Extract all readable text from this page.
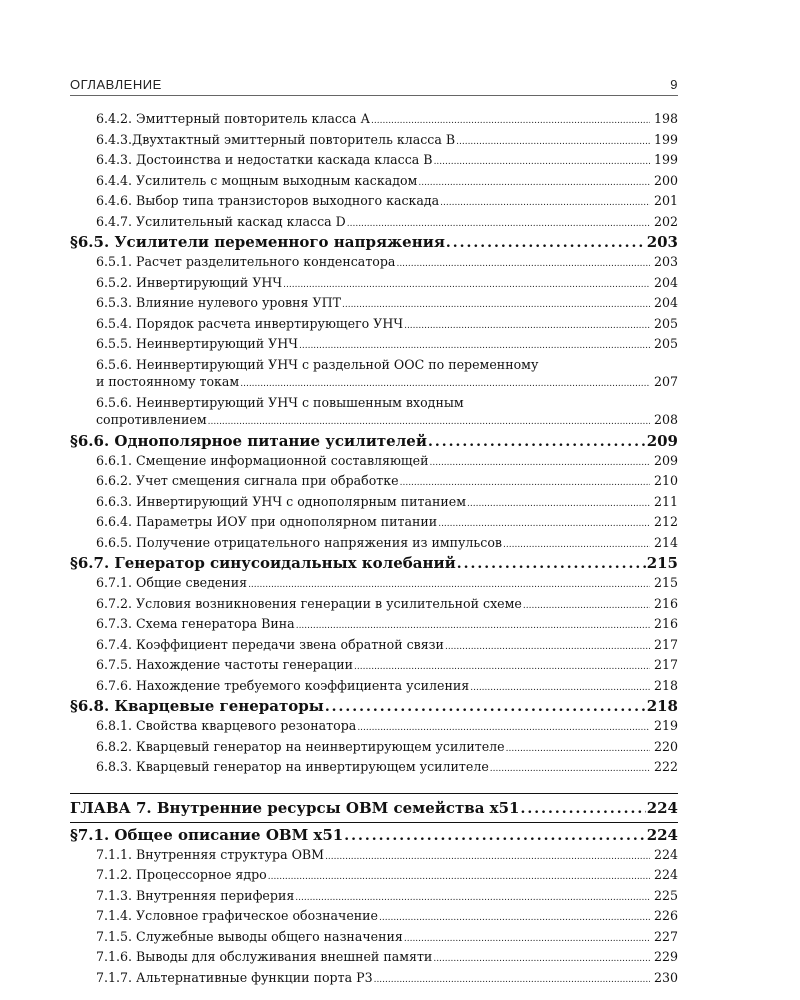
ОГЛАВЛЕНИЕ	9
6.4.2. Эмиттерный повторитель класса А .....	198
6.4.3.Двухтактный эмиттерный повторитель класса В .....	199
6.4.3. Достоинства и недостатки каскада класса В .....	199
6.4.4. Усилитель с мощным выходным каскадом .....	200
6.4.6. Выбор типа транзисторов выходного каскада .....	201
6.4.7. Усилительный каскад класса D .....	202
§6.5. Усилители переменного напряжения .....	203
6.5.1. Расчет разделительного конденсатора .....	203
6.5.2. Инвертирующий УНЧ .....	204
6.5.3. Влияние нулевого уровня УПТ .....	204
6.5.4. Порядок расчета инвертирующего УНЧ .....	205
6.5.5. Неинвертирующий УНЧ .....	205
6.5.6. Неинвертирующий УНЧ с раздельной ООС по переменному
и постоянному токам .....	207
6.5.6. Неинвертирующий УНЧ с повышенным входным
сопротивлением .....	208
§6.6. Однополярное питание усилителей .....	209
6.6.1. Смещение информационной составляющей .....	209
6.6.2. Учет смещения сигнала при обработке .....	210
6.6.3. Инвертирующий УНЧ с однополярным питанием .....	211
6.6.4. Параметры ИОУ при однополярном питании .....	212
6.6.5. Получение отрицательного напряжения из импульсов .....	214
§6.7. Генератор синусоидальных колебаний .....	215
6.7.1. Общие сведения .....	215
6.7.2. Условия возникновения генерации в усилительной схеме .....	216
6.7.3. Схема генератора Вина .....	216
6.7.4. Коэффициент передачи звена обратной связи .....	217
6.7.5. Нахождение частоты генерации .....	217
6.7.6. Нахождение требуемого коэффициента усиления .....	218
§6.8. Кварцевые генераторы .....	218
6.8.1. Свойства кварцевого резонатора .....	219
6.8.2. Кварцевый генератор на неинвертирующем усилителе .....	220
6.8.3. Кварцевый генератор на инвертирующем усилителе .....	222
ГЛАВА 7. Внутренние ресурсы ОВМ семейства х51 .....	224
§7.1. Общее описание ОВМ х51 .....	224
7.1.1. Внутренняя структура ОВМ .....	224
7.1.2. Процессорное ядро .....	224
7.1.3. Внутренняя периферия .....	225
7.1.4. Условное графическое обозначение .....	226
7.1.5. Служебные выводы общего назначения .....	227
7.1.6. Выводы для обслуживания внешней памяти .....	229
7.1.7. Альтернативные функции порта Р3 .....	230
